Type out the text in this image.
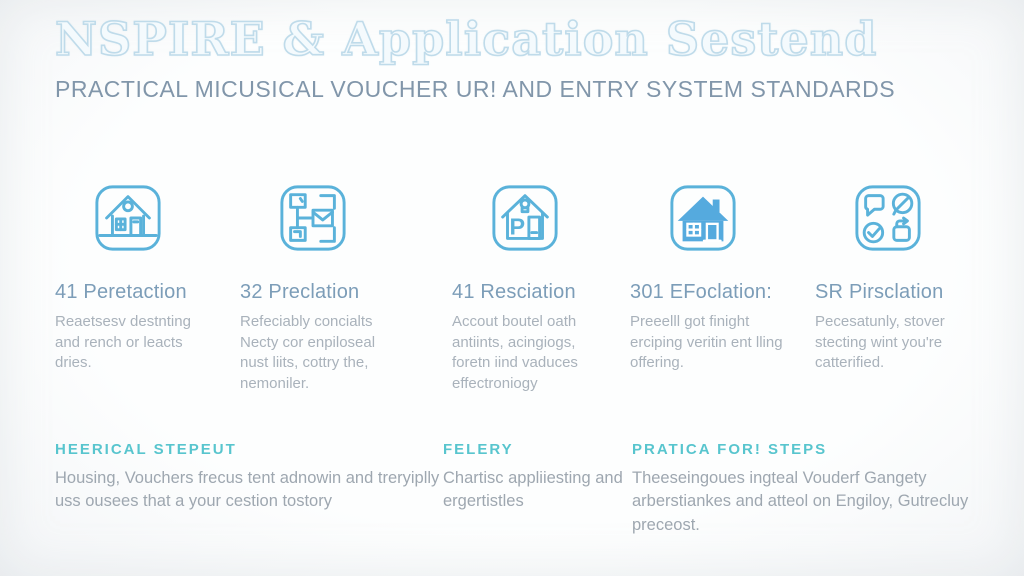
NSPIRE & Application Sestend
PRACTICAL MICUSICAL VOUCHER UR! AND ENTRY SYSTEM STANDARDS
41 Peretaction

Reaetsesv destnting and rench or leacts dries.

32 Preclation

Refeciably concialts Necty cor enpiloseal nust liits, cottry the, nemoniler.

P
41 Resciation

Accout boutel oath antiints, acingiogs, foretn iind vaduces effectroniogy

301 EFoclation:

Preeelll got finight erciping veritin ent lling offering.

SR Pirsclation

Pecesatunly, stover stecting wint you're catterified.

HEERICAL STEPEUT

Housing, Vouchers frecus tent adnowin and treryiplly uss ousees that a your cestion tostory

FELERY

Chartisc appliiesting and ergertistles

PRATICA FOR! STEPS

Theeseingoues ingteal Vouderf Gangety arberstiankes and atteol on Engiloy, Gutrecluy preceost.
